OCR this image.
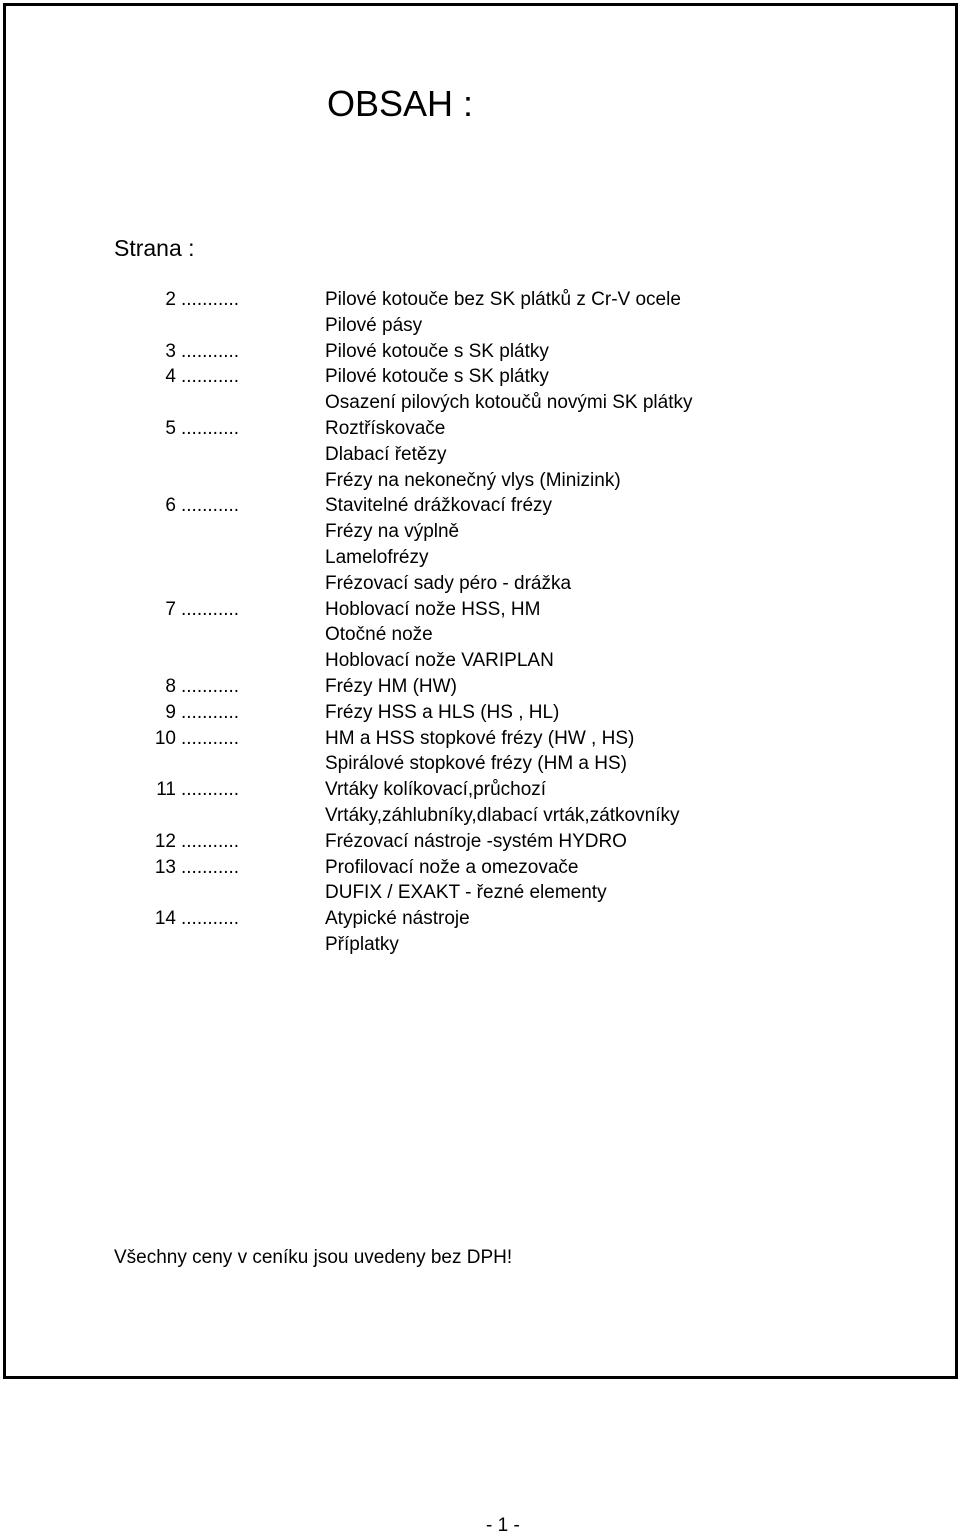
OBSAH :
Strana :
2 ...........	Pilové kotouče bez SK plátků z Cr-V ocele
Pilové pásy
3 ...........	Pilové kotouče s SK plátky
4 ...........	Pilové kotouče s SK plátky
Osazení pilových kotoučů novými SK plátky
5 ...........	Roztřískovače
Dlabací řetězy
Frézy na nekonečný vlys (Minizink)
6 ...........	Stavitelné drážkovací frézy
Frézy na výplně
Lamelofrézy
Frézovací sady péro - drážka
7 ...........	Hoblovací nože HSS, HM
Otočné nože
Hoblovací nože VARIPLAN
8 ...........	Frézy HM (HW)
9 ...........	Frézy HSS a HLS (HS , HL)
10 ...........	HM a HSS stopkové frézy (HW , HS)
Spirálové stopkové frézy (HM a HS)
11 ...........	Vrtáky kolíkovací,průchozí
Vrtáky,záhlubníky,dlabací vrták,zátkovníky
12 ...........	Frézovací nástroje -systém HYDRO
13 ...........	Profilovací nože a omezovače
DUFIX / EXAKT - řezné elementy
14 ...........	Atypické nástroje
Příplatky
Všechny ceny v ceníku jsou uvedeny bez DPH!
- 1 -
